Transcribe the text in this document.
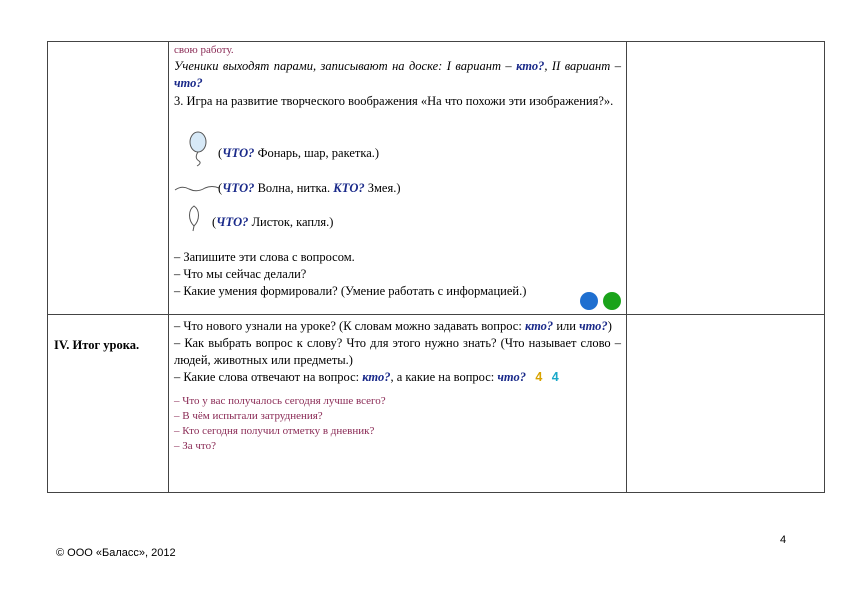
свою работу.
Ученики выходят парами, записывают на доске: I вариант – кто?, II вариант – что?
3. Игра на развитие творческого воображения «На что похожи эти изображения?».
(ЧТО? Фонарь, шар, ракетка.)
(ЧТО? Волна, нитка. КТО? Змея.)
(ЧТО? Листок, капля.)
– Запишите эти слова с вопросом.
– Что мы сейчас делали?
– Какие умения формировали? (Умение работать с информацией.)
IV. Итог урока.
– Что нового узнали на уроке? (К словам можно задавать вопрос: кто? или что?)
– Как выбрать вопрос к слову? Что для этого нужно знать? (Что называет слово – людей, животных или предметы.)
– Какие слова отвечают на вопрос: кто?, а какие на вопрос: что? 4 4
– Что у вас получалось сегодня лучше всего?
– В чём испытали затруднения?
– Кто сегодня получил отметку в дневник?
– За что?
4
© ООО «Баласс», 2012
